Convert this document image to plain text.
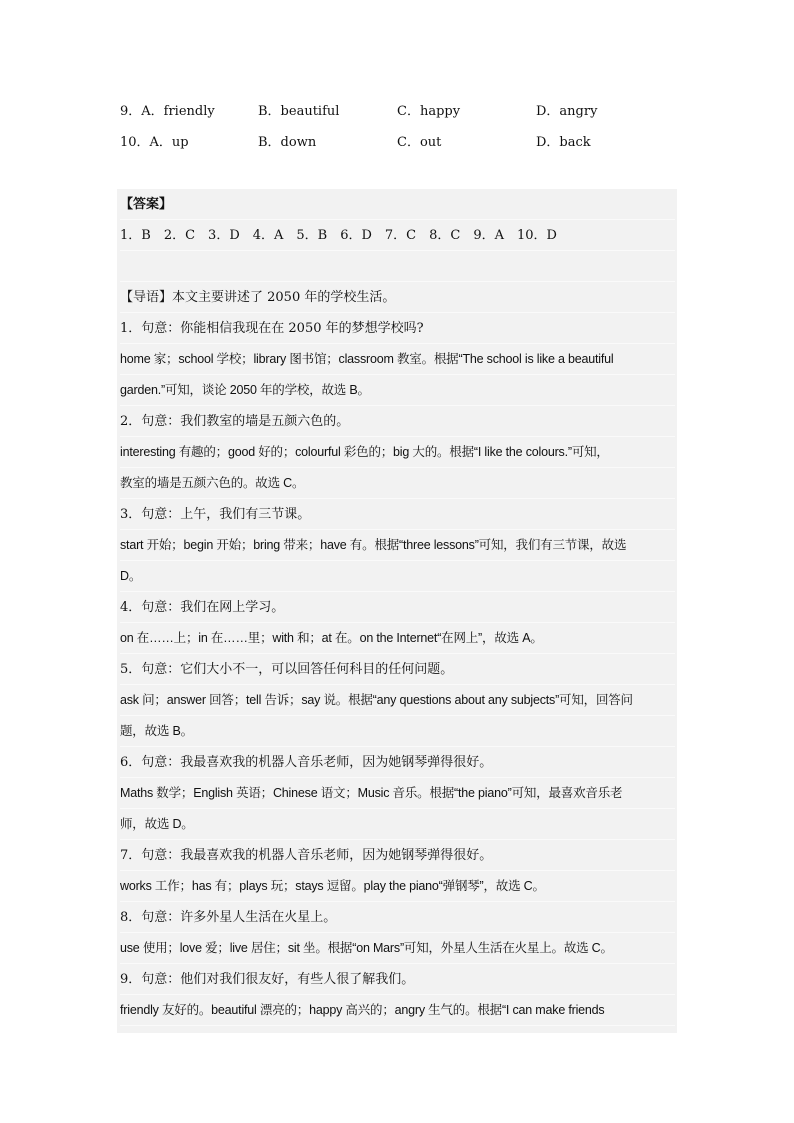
9．A．friendly	B．beautiful	C．happy	D．angry
10．A．up	B．down	C．out	D．back
【答案】
1．B　2．C　3．D　4．A　5．B　6．D　7．C　8．C　9．A　10．D
【导语】本文主要讲述了 2050 年的学校生活。
1．句意：你能相信我现在在 2050 年的梦想学校吗?
home 家；school 学校；library 图书馆；classroom 教室。根据“The school is like a beautiful
garden.”可知，谈论 2050 年的学校，故选 B。
2．句意：我们教室的墙是五颜六色的。
interesting 有趣的；good 好的；colourful 彩色的；big 大的。根据“I like the colours.”可知，
教室的墙是五颜六色的。故选 C。
3．句意：上午，我们有三节课。
start 开始；begin 开始；bring 带来；have 有。根据“three lessons”可知，我们有三节课，故选
D。
4．句意：我们在网上学习。
on 在……上；in 在……里；with 和；at 在。on the Internet“在网上”，故选 A。
5．句意：它们大小不一，可以回答任何科目的任何问题。
ask 问；answer 回答；tell 告诉；say 说。根据“any questions about any subjects”可知，回答问
题，故选 B。
6．句意：我最喜欢我的机器人音乐老师，因为她钢琴弹得很好。
Maths 数学；English 英语；Chinese 语文；Music 音乐。根据“the piano”可知，最喜欢音乐老
师，故选 D。
7．句意：我最喜欢我的机器人音乐老师，因为她钢琴弹得很好。
works 工作；has 有；plays 玩；stays 逗留。play the piano“弹钢琴”，故选 C。
8．句意：许多外星人生活在火星上。
use 使用；love 爱；live 居住；sit 坐。根据“on Mars”可知，外星人生活在火星上。故选 C。
9．句意：他们对我们很友好，有些人很了解我们。
friendly 友好的。beautiful 漂亮的；happy 高兴的；angry 生气的。根据“I can make friends
